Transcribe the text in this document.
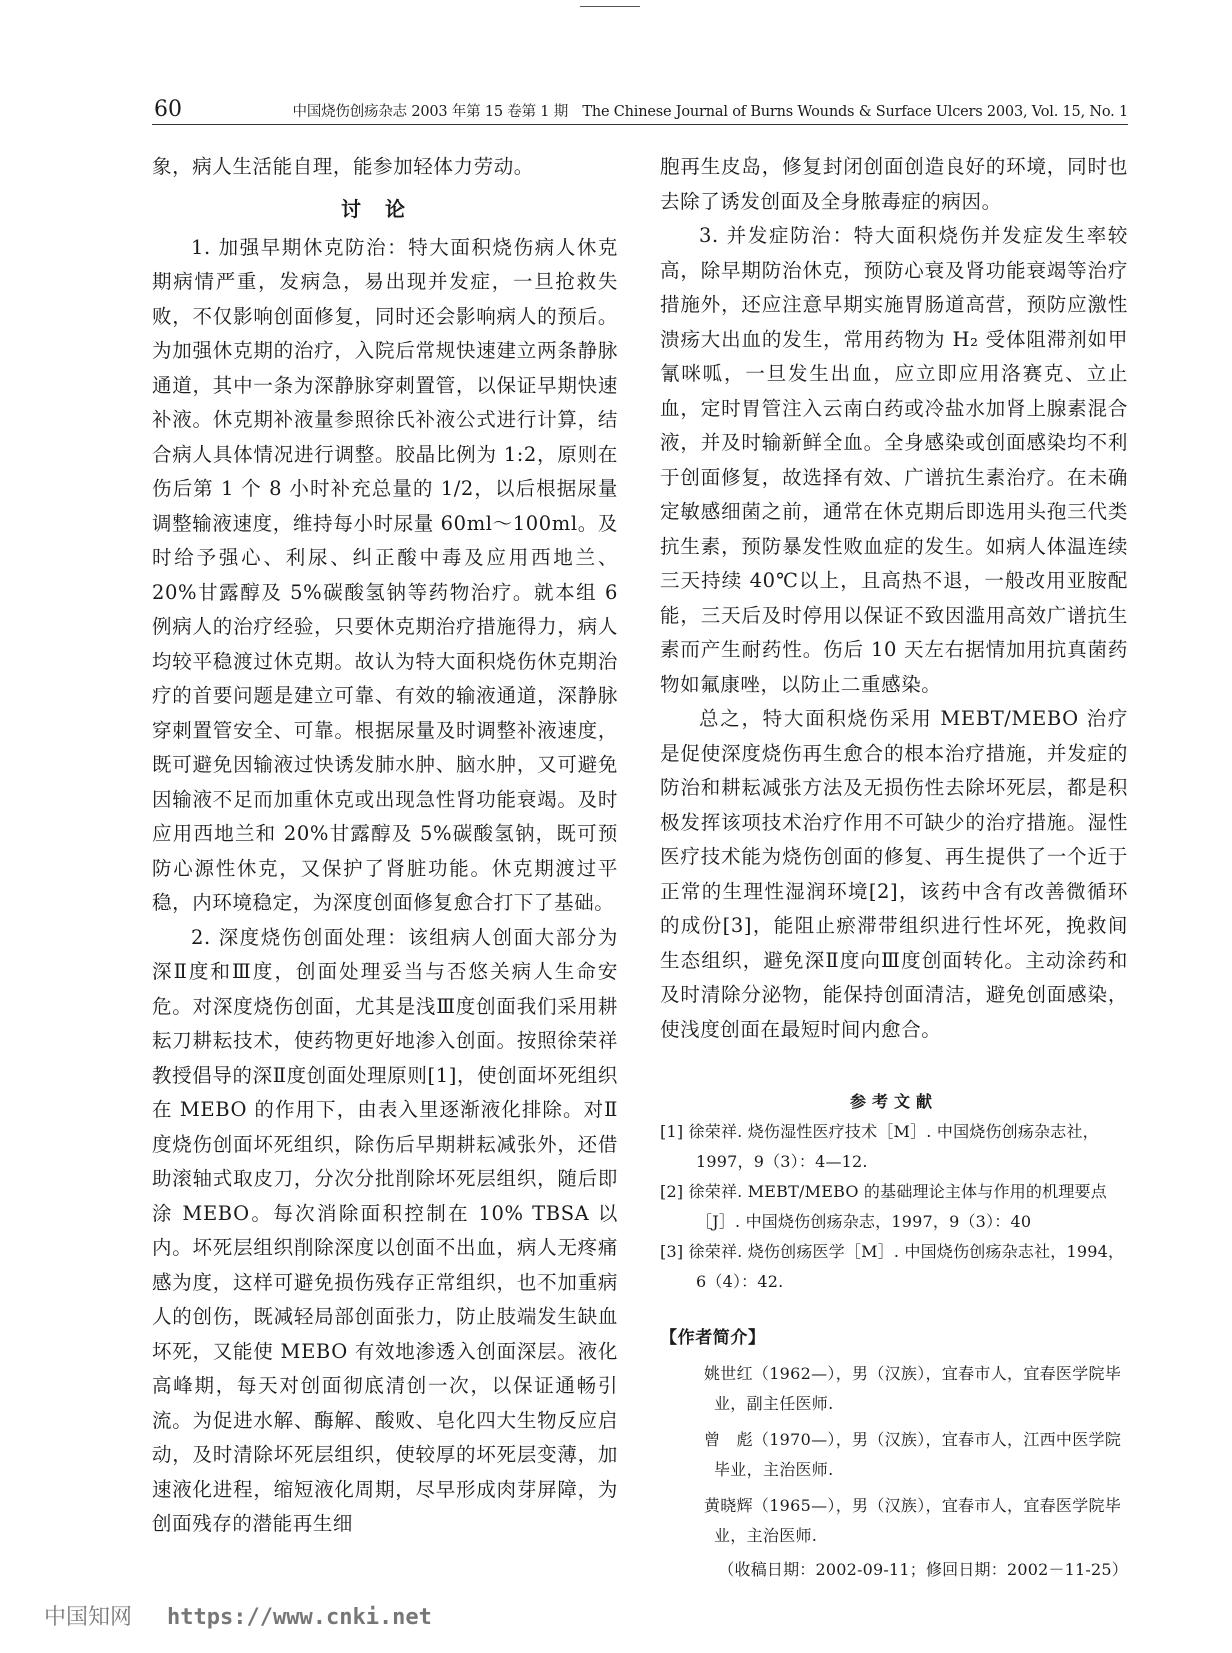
60	中国烧伤创疡杂志 2003 年第 15 卷第 1 期　The Chinese Journal of Burns Wounds & Surface Ulcers 2003, Vol. 15, No. 1

象，病人生活能自理，能参加轻体力劳动。

讨论

1. 加强早期休克防治：特大面积烧伤病人休克期病情严重，发病急，易出现并发症，一旦抢救失败，不仅影响创面修复，同时还会影响病人的预后。为加强休克期的治疗，入院后常规快速建立两条静脉通道，其中一条为深静脉穿刺置管，以保证早期快速补液。休克期补液量参照徐氏补液公式进行计算，结合病人具体情况进行调整。胶晶比例为 1:2，原则在伤后第 1 个 8 小时补充总量的 1/2，以后根据尿量调整输液速度，维持每小时尿量 60ml～100ml。及时给予强心、利尿、纠正酸中毒及应用西地兰、20%甘露醇及 5%碳酸氢钠等药物治疗。就本组 6 例病人的治疗经验，只要休克期治疗措施得力，病人均较平稳渡过休克期。故认为特大面积烧伤休克期治疗的首要问题是建立可靠、有效的输液通道，深静脉穿刺置管安全、可靠。根据尿量及时调整补液速度，既可避免因输液过快诱发肺水肿、脑水肿，又可避免因输液不足而加重休克或出现急性肾功能衰竭。及时应用西地兰和 20%甘露醇及 5%碳酸氢钠，既可预防心源性休克，又保护了肾脏功能。休克期渡过平稳，内环境稳定，为深度创面修复愈合打下了基础。

2. 深度烧伤创面处理：该组病人创面大部分为深Ⅱ度和Ⅲ度，创面处理妥当与否悠关病人生命安危。对深度烧伤创面，尤其是浅Ⅲ度创面我们采用耕耘刀耕耘技术，使药物更好地渗入创面。按照徐荣祥教授倡导的深Ⅱ度创面处理原则[1]，使创面坏死组织在 MEBO 的作用下，由表入里逐渐液化排除。对Ⅱ度烧伤创面坏死组织，除伤后早期耕耘减张外，还借助滚轴式取皮刀，分次分批削除坏死层组织，随后即涂 MEBO。每次消除面积控制在 10% TBSA 以内。坏死层组织削除深度以创面不出血，病人无疼痛感为度，这样可避免损伤残存正常组织，也不加重病人的创伤，既减轻局部创面张力，防止肢端发生缺血坏死，又能使 MEBO 有效地渗透入创面深层。液化高峰期，每天对创面彻底清创一次，以保证通畅引流。为促进水解、酶解、酸败、皂化四大生物反应启动，及时清除坏死层组织，使较厚的坏死层变薄，加速液化进程，缩短液化周期，尽早形成肉芽屏障，为创面残存的潜能再生细

胞再生皮岛，修复封闭创面创造良好的环境，同时也去除了诱发创面及全身脓毒症的病因。

3. 并发症防治：特大面积烧伤并发症发生率较高，除早期防治休克，预防心衰及肾功能衰竭等治疗措施外，还应注意早期实施胃肠道高营，预防应激性溃疡大出血的发生，常用药物为 H₂ 受体阻滞剂如甲氰咪呱，一旦发生出血，应立即应用洛赛克、立止血，定时胃管注入云南白药或冷盐水加肾上腺素混合液，并及时输新鲜全血。全身感染或创面感染均不利于创面修复，故选择有效、广谱抗生素治疗。在未确定敏感细菌之前，通常在休克期后即选用头孢三代类抗生素，预防暴发性败血症的发生。如病人体温连续三天持续 40℃以上，且高热不退，一般改用亚胺配能，三天后及时停用以保证不致因滥用高效广谱抗生素而产生耐药性。伤后 10 天左右据情加用抗真菌药物如氟康唑，以防止二重感染。

总之，特大面积烧伤采用 MEBT/MEBO 治疗是促使深度烧伤再生愈合的根本治疗措施，并发症的防治和耕耘减张方法及无损伤性去除坏死层，都是积极发挥该项技术治疗作用不可缺少的治疗措施。湿性医疗技术能为烧伤创面的修复、再生提供了一个近于正常的生理性湿润环境[2]，该药中含有改善微循环的成份[3]，能阻止瘀滞带组织进行性坏死，挽救间生态组织，避免深Ⅱ度向Ⅲ度创面转化。主动涂药和及时清除分泌物，能保持创面清洁，避免创面感染，使浅度创面在最短时间内愈合。

参考文献
[1] 徐荣祥. 烧伤湿性医疗技术［M］. 中国烧伤创疡杂志社，1997，9（3）：4—12.
[2] 徐荣祥. MEBT/MEBO 的基础理论主体与作用的机理要点［J］. 中国烧伤创疡杂志，1997，9（3）：40
[3] 徐荣祥. 烧伤创疡医学［M］. 中国烧伤创疡杂志社，1994，6（4）：42.
【作者简介】
姚世红（1962—），男（汉族），宜春市人，宜春医学院毕业，副主任医师.
曾　彪（1970—），男（汉族），宜春市人，江西中医学院毕业，主治医师.
黄晓辉（1965—），男（汉族），宜春市人，宜春医学院毕业，主治医师.
（收稿日期：2002-09-11；修回日期：2002－11-25）
中国知网 https://www.cnki.net
